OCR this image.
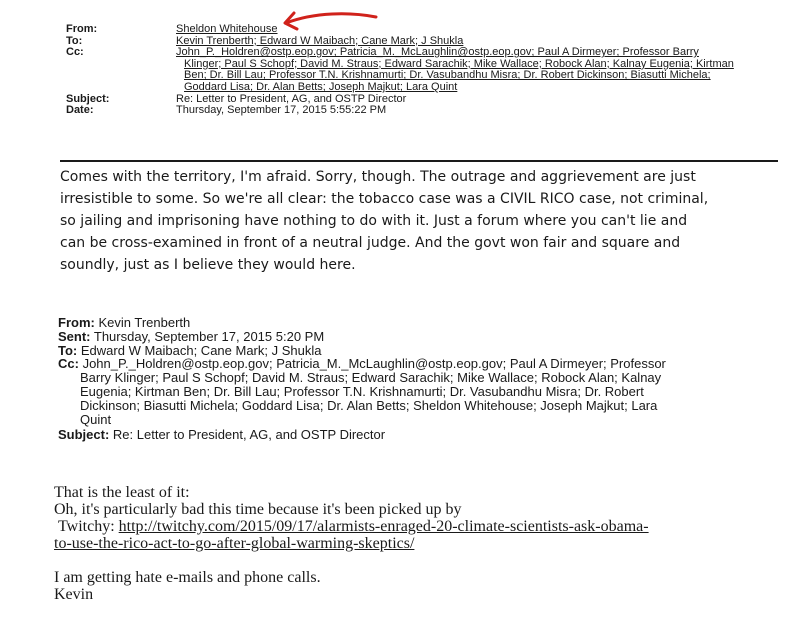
From:	Sheldon Whitehouse
To:	Kevin Trenberth; Edward W Maibach; Cane Mark; J Shukla
Cc:	John_P._Holdren@ostp.eop.gov; Patricia_M._McLaughlin@ostp.eop.gov; Paul A Dirmeyer; Professor Barry
Klinger; Paul S Schopf; David M. Straus; Edward Sarachik; Mike Wallace; Robock Alan; Kalnay Eugenia; Kirtman
Ben; Dr. Bill Lau; Professor T.N. Krishnamurti; Dr. Vasubandhu Misra; Dr. Robert Dickinson; Biasutti Michela;
Goddard Lisa; Dr. Alan Betts; Joseph Majkut; Lara Quint
Subject:	Re: Letter to President, AG, and OSTP Director
Date:	Thursday, September 17, 2015 5:55:22 PM
Comes with the territory, I'm afraid. Sorry, though. The outrage and aggrievement are just
irresistible to some. So we're all clear: the tobacco case was a CIVIL RICO case, not criminal,
so jailing and imprisoning have nothing to do with it. Just a forum where you can't lie and
can be cross-examined in front of a neutral judge. And the govt won fair and square and
soundly, just as I believe they would here.
From: Kevin Trenberth
Sent: Thursday, September 17, 2015 5:20 PM
To: Edward W Maibach; Cane Mark; J Shukla
Cc: John_P._Holdren@ostp.eop.gov; Patricia_M._McLaughlin@ostp.eop.gov; Paul A Dirmeyer; Professor
Barry Klinger; Paul S Schopf; David M. Straus; Edward Sarachik; Mike Wallace; Robock Alan; Kalnay
Eugenia; Kirtman Ben; Dr. Bill Lau; Professor T.N. Krishnamurti; Dr. Vasubandhu Misra; Dr. Robert
Dickinson; Biasutti Michela; Goddard Lisa; Dr. Alan Betts; Sheldon Whitehouse; Joseph Majkut; Lara
Quint
Subject: Re: Letter to President, AG, and OSTP Director
That is the least of it:
Oh, it's particularly bad this time because it's been picked up by
Twitchy: http://twitchy.com/2015/09/17/alarmists-enraged-20-climate-scientists-ask-obama-
to-use-the-rico-act-to-go-after-global-warming-skeptics/
I am getting hate e-mails and phone calls.
Kevin
